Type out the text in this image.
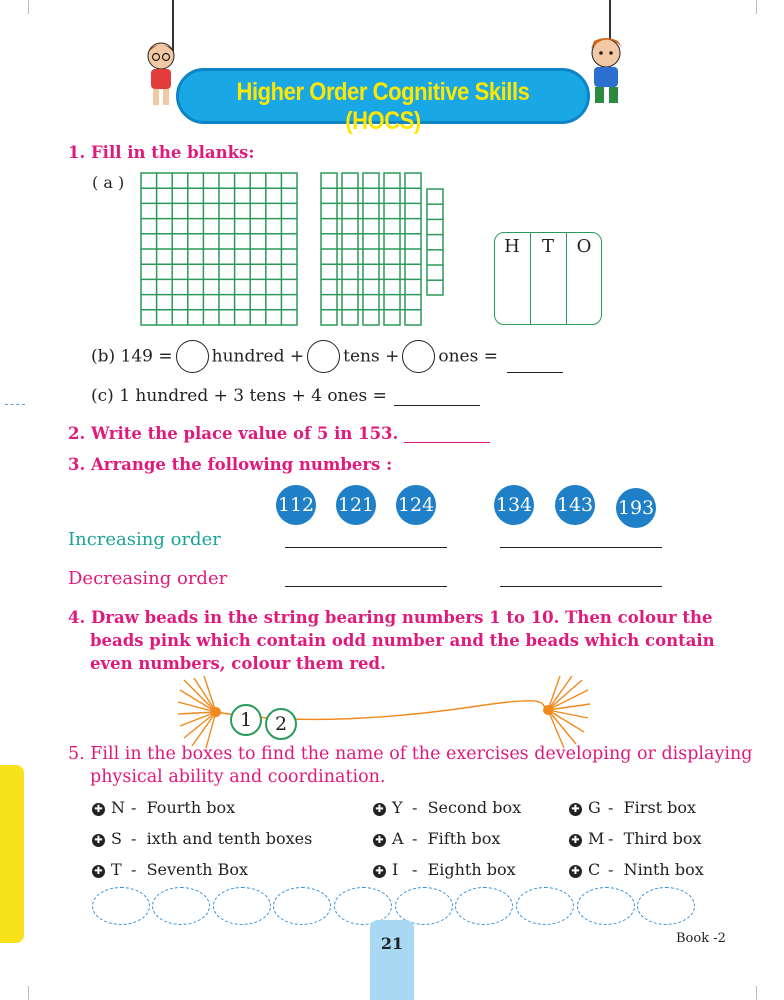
Higher Order Cognitive Skills (HOCS)
1. Fill in the blanks:
( a )
H	T	O
(b) 149 = hundred + tens + ones =
(c) 1 hundred + 3 tens + 4 ones =
2. Write the place value of 5 in 153.
3. Arrange the following numbers :
112 121 124	134 143 193
Increasing order
Decreasing order
4. Draw beads in the string bearing numbers 1 to 10. Then colour the
beads pink which contain odd number and the beads which contain
even numbers, colour them red.
1	2
5. Fill in the boxes to find the name of the exercises developing or displaying
physical ability and coordination.
✚ N -  Fourth box	✚ Y -  Second box	✚ G -  First box
✚ S -  ixth and tenth boxes	✚ A -  Fifth box	✚ M -  Third box
✚ T -  Seventh Box	✚ I -  Eighth box	✚ C -  Ninth box
21	Book -2
